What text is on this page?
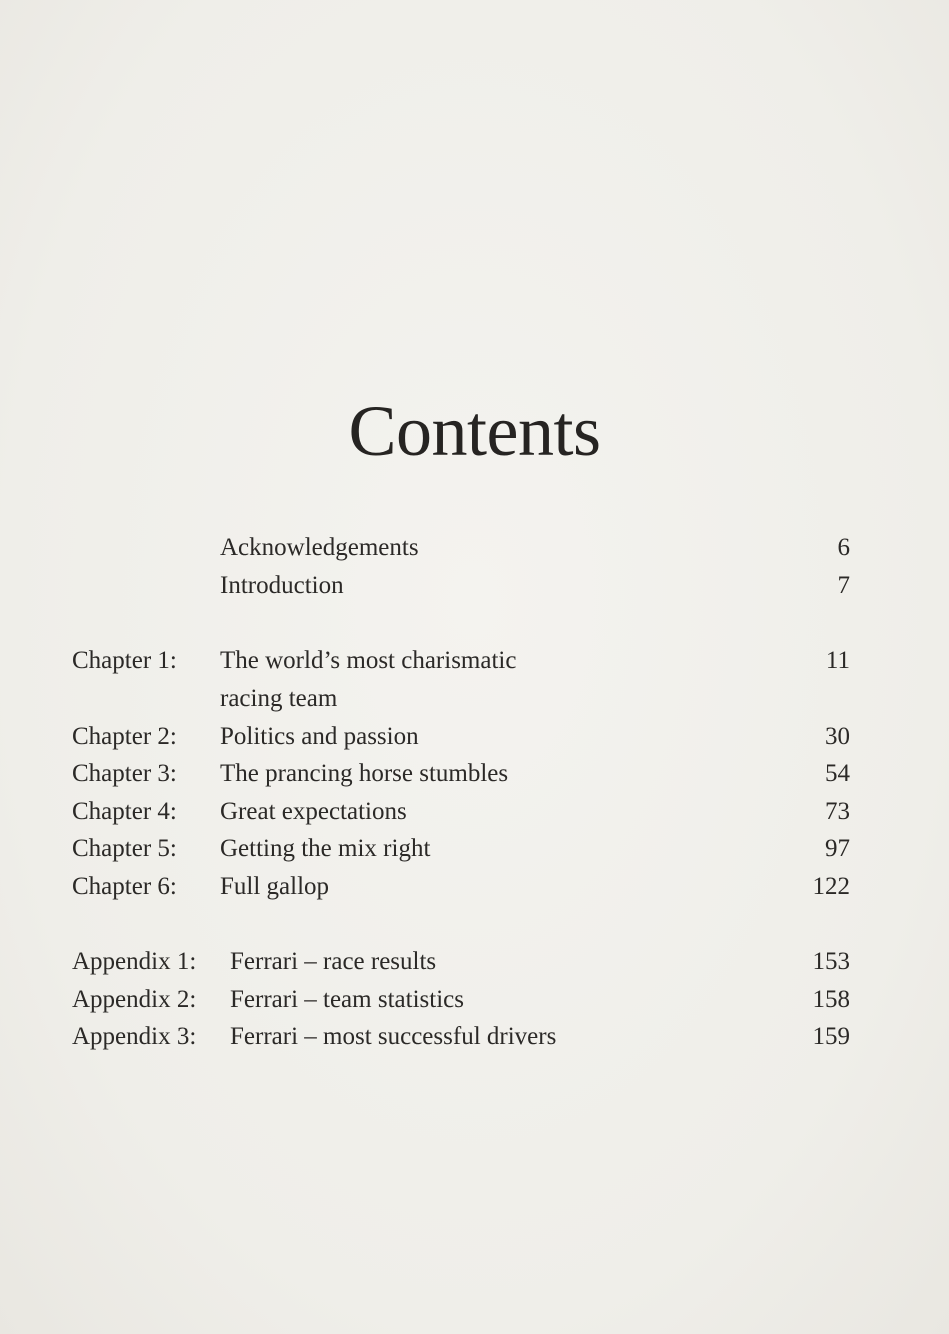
Contents
Acknowledgements	6
Introduction	7
Chapter 1: The world’s most charismatic	11
racing team
Chapter 2: Politics and passion	30
Chapter 3: The prancing horse stumbles	54
Chapter 4: Great expectations	73
Chapter 5: Getting the mix right	97
Chapter 6: Full gallop	122
Appendix 1: Ferrari – race results	153
Appendix 2: Ferrari – team statistics	158
Appendix 3: Ferrari – most successful drivers	159
